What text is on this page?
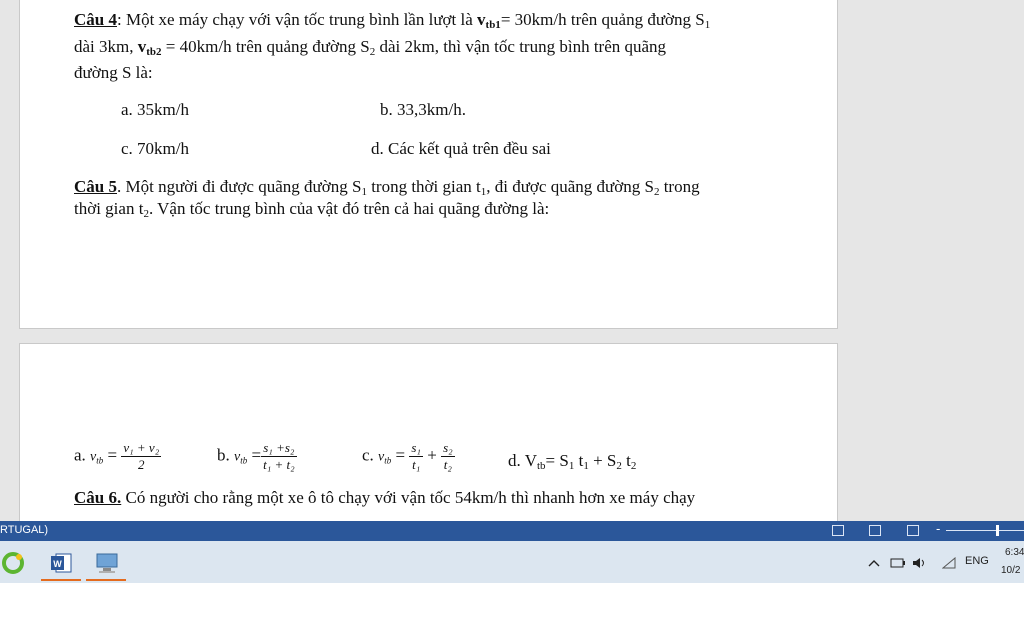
Câu 4: Một xe máy chạy với vận tốc trung bình lần lượt là vtb1= 30km/h trên quảng đường $S_1$
dài 3km, vtb2 = 40km/h trên quảng đường $S_2$ dài 2km, thì vận tốc trung bình trên quãng
đường S là:
a. 35km/h	b. 33,3km/h.
c. 70km/h	d. Các kết quả trên đều sai
Câu 5. Một người đi được quãng đường $S_1$ trong thời gian $t_1$, đi được quãng đường $S_2$ trong
thời gian $t_2$. Vận tốc trung bình của vật đó trên cả hai quãng đường là:
a. vtb = $\frac{\text{v₁ + v₂}}{2}$	b. vtb = $\frac{\text{s₁ +s₂}}{\text{t₁ + t₂}}$	c. vtb = $\frac{\text{s₁}}{\text{t₁}} + \frac{\text{s₂}}{\text{t₂}}$	d. $V_{tb}= S_1$ $t_1 + S_2$ $t_2$
Câu 6. Có người cho rằng một xe ô tô chạy với vận tốc 54km/h thì nhanh hơn xe máy chạy
RTUGAL)	-
W	ENG
6:34
10/2
